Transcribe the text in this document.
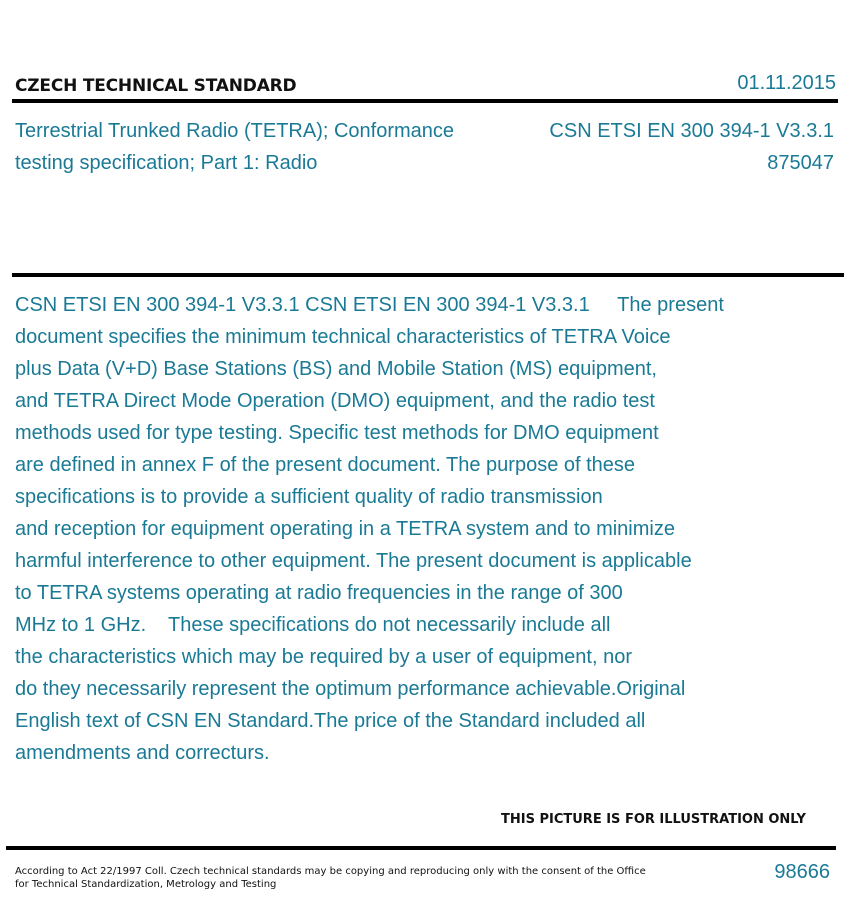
CZECH TECHNICAL STANDARD	01.11.2015
Terrestrial Trunked Radio (TETRA); Conformance
testing specification; Part 1: Radio
CSN ETSI EN 300 394-1 V3.3.1
875047

CSN ETSI EN 300 394-1 V3.3.1 CSN ETSI EN 300 394-1 V3.3.1     The present

document specifies the minimum technical characteristics of TETRA Voice

plus Data (V+D) Base Stations (BS) and Mobile Station (MS) equipment,

and TETRA Direct Mode Operation (DMO) equipment, and the radio test

methods used for type testing. Specific test methods for DMO equipment

are defined in annex F of the present document. The purpose of these

specifications is to provide a sufficient quality of radio transmission

and reception for equipment operating in a TETRA system and to minimize

harmful interference to other equipment. The present document is applicable

to TETRA systems operating at radio frequencies in the range of 300

MHz to 1 GHz.    These specifications do not necessarily include all

the characteristics which may be required by a user of equipment, nor

do they necessarily represent the optimum performance achievable.Original

English text of CSN EN Standard.The price of the Standard included all

amendments and correcturs.

THIS PICTURE IS FOR ILLUSTRATION ONLY
According to Act 22/1997 Coll. Czech technical standards may be copying and reproducing only with the consent of the Office
for Technical Standardization, Metrology and Testing
98666
